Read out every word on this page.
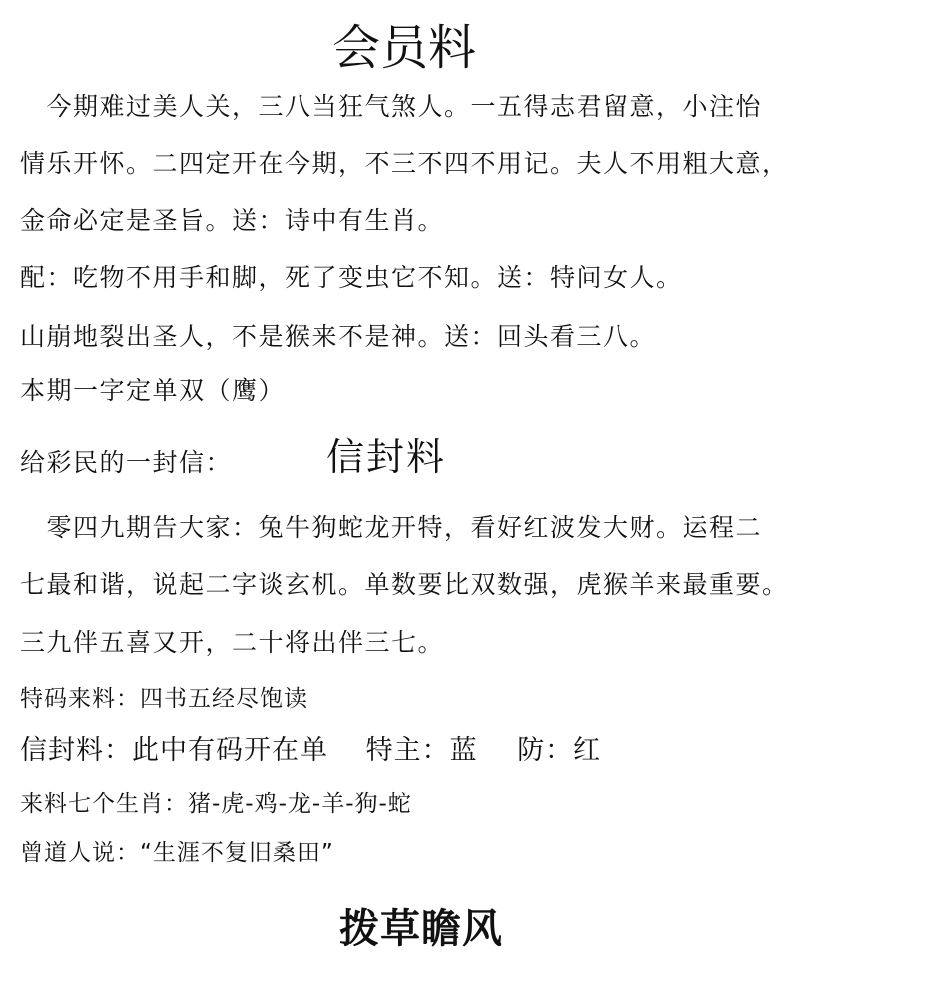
会员料
　今期难过美人关，三八当狂气煞人。一五得志君留意，小注怡
情乐开怀。二四定开在今期，不三不四不用记。夫人不用粗大意，
金命必定是圣旨。送：诗中有生肖。
配：吃物不用手和脚，死了变虫它不知。送：特问女人。
山崩地裂出圣人，不是猴来不是神。送：回头看三八。
本期一字定单双（鹰）
给彩民的一封信： 信封料
　零四九期告大家：兔牛狗蛇龙开特，看好红波发大财。运程二
七最和谐，说起二字谈玄机。单数要比双数强，虎猴羊来最重要。
三九伴五喜又开，二十将出伴三七。
特码来料：四书五经尽饱读
信封料：此中有码开在单 特主：蓝 防：红
来料七个生肖：猪-虎-鸡-龙-羊-狗-蛇
曾道人说：“生涯不复旧桑田”
拨草瞻风
